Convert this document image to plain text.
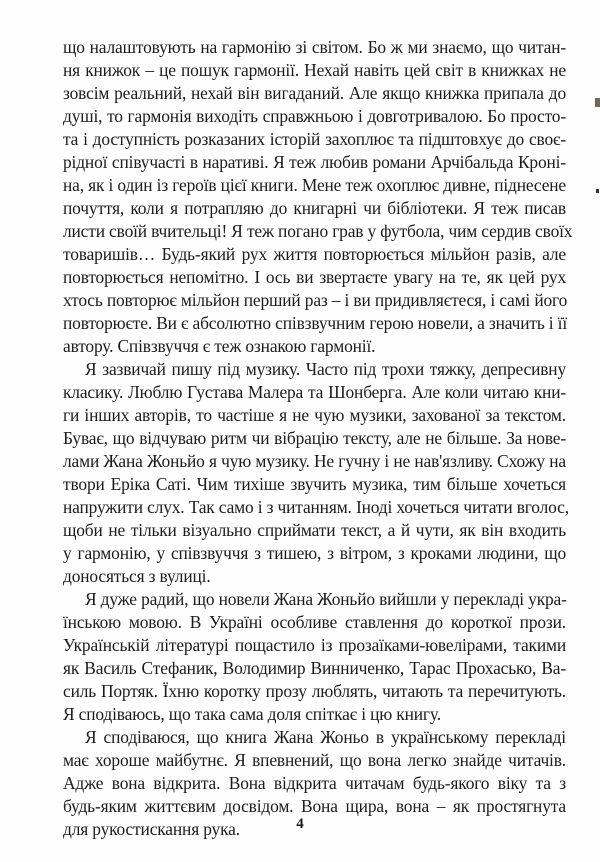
що налаштовують на гармонію зі світом. Бо ж ми знаємо, що читан-
ня книжок – це пошук гармонії. Нехай навіть цей світ в книжках не
зовсім реальний, нехай він вигаданий. Але якщо книжка припала до
душі, то гармонія виходіть справжньою і довготривалою. Бо просто-
та і доступність розказаних історій захоплює та підштовхує до своє-
рідної співучасті в наративі. Я теж любив романи Арчібальда Кроні-
на, як і один із героїв цієї книги. Мене теж охоплює дивне, піднесене
почуття, коли я потрапляю до книгарні чи бібліотеки. Я теж писав
листи своїй вчительці! Я теж погано грав у футбола, чим сердив своїх
товаришів… Будь-який рух життя повторюється мільйон разів, але
повторюється непомітно. І ось ви звертаєте увагу на те, як цей рух
хтось повторює мільйон перший раз – і ви придивляєтеся, і самі його
повторюєте. Ви є абсолютно співзвучним герою новели, а значить і її
автору. Співзвуччя є теж ознакою гармонії.
Я зазвичай пишу під музику. Часто під трохи тяжку, депресивну
класику. Люблю Густава Малера та Шонберга. Але коли читаю кни-
ги інших авторів, то частіше я не чую музики, захованої за текстом.
Буває, що відчуваю ритм чи вібрацію тексту, але не більше. За нове-
лами Жана Жоньйо я чую музику. Не гучну і не нав'язливу. Схожу на
твори Еріка Саті. Чим тихіше звучить музика, тим більше хочеться
напружити слух. Так само і з читанням. Іноді хочеться читати вголос,
щоби не тільки візуально сприймати текст, а й чути, як він входить
у гармонію, у співзвуччя з тишею, з вітром, з кроками людини, що
доносяться з вулиці.
Я дуже радий, що новели Жана Жоньйо вийшли у перекладі укра-
їнською мовою. В Україні особливе ставлення до короткої прози.
Українській літературі пощастило із прозаїками-ювелірами, такими
як Василь Стефаник, Володимир Винниченко, Тарас Прохасько, Ва-
силь Портяк. Їхню коротку прозу люблять, читають та перечитують.
Я сподіваюсь, що така сама доля спіткає і цю книгу.
Я сподіваюся, що книга Жана Жоньо в українському перекладі
має хороше майбутнє. Я впевнений, що вона легко знайде читачів.
Адже вона відкрита. Вона відкрита читачам будь-якого віку та з
будь-яким життєвим досвідом. Вона щира, вона – як простягнута
для рукостискання рука.	4
